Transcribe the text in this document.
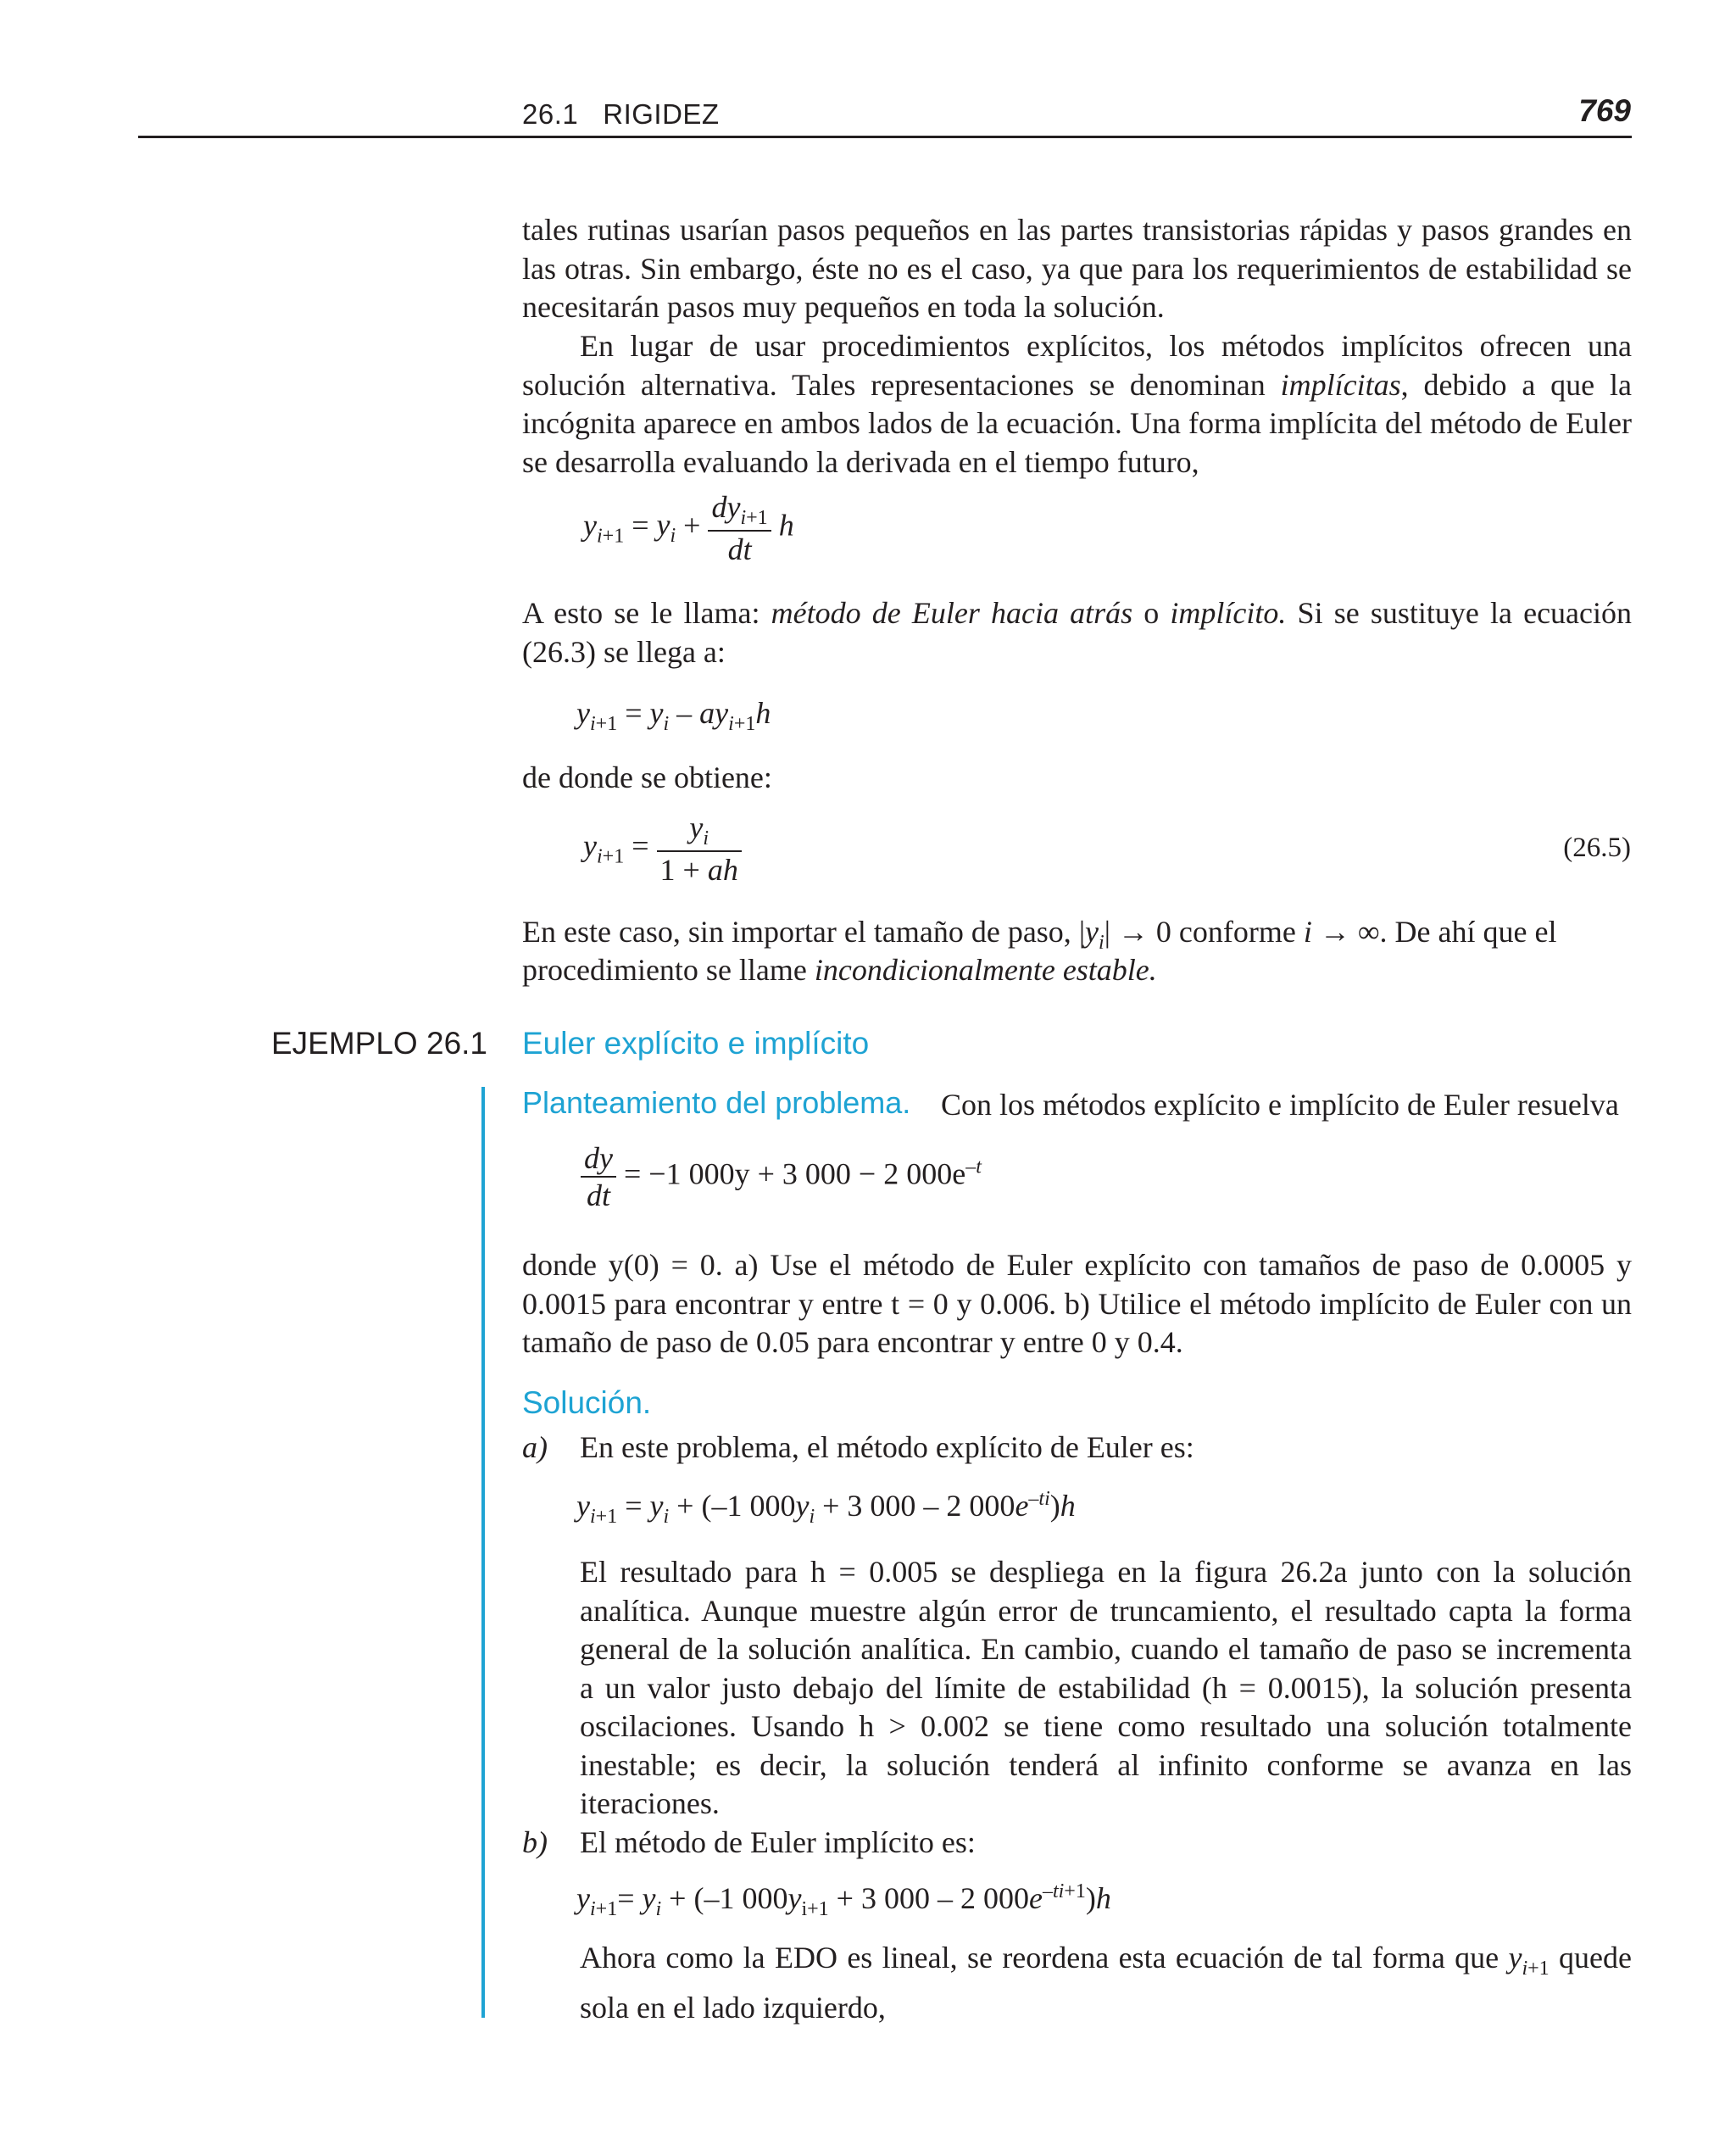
26.1   RIGIDEZ	769
tales rutinas usarían pasos pequeños en las partes transistorias rápidas y pasos grandes en las otras. Sin embargo, éste no es el caso, ya que para los requerimientos de estabilidad se necesitarán pasos muy pequeños en toda la solución.
En lugar de usar procedimientos explícitos, los métodos implícitos ofrecen una solución alternativa. Tales representaciones se denominan implícitas, debido a que la incógnita aparece en ambos lados de la ecuación. Una forma implícita del método de Euler se desarrolla evaluando la derivada en el tiempo futuro,
$y_{i+1} = y_i + \frac{dy_{i+1}}{dt}$ h
A esto se le llama: método de Euler hacia atrás o implícito. Si se sustituye la ecuación (26.3) se llega a:
$y_{i+1} = y_i - ay_{i+1}h$
de donde se obtiene:
$y_{i+1} = \frac{y_i}{1 + ah}$	(26.5)
En este caso, sin importar el tamaño de paso, $|y_i| \to 0$ conforme i → ∞. De ahí que el
procedimiento se llame incondicionalmente estable.
EJEMPLO 26.1 Euler explícito e implícito
Planteamiento del problema. Con los métodos explícito e implícito de Euler resuelva
$\frac{dy}{dt} = -1$ 000y + 3 000 − 2 $000e^{-t}$
donde y(0) = 0. a) Use el método de Euler explícito con tamaños de paso de 0.0005 y 0.0015 para encontrar y entre t = 0 y 0.006. b) Utilice el método implícito de Euler con un tamaño de paso de 0.05 para encontrar y entre 0 y 0.4.
Solución.
a) En este problema, el método explícito de Euler es:
$y_{i+1} = y_i + (-1$ $000y_i + 3$ 000 – 2 $000e^{-ti})h$
El resultado para h = 0.005 se despliega en la figura 26.2a junto con la solución analítica. Aunque muestre algún error de truncamiento, el resultado capta la forma general de la solución analítica. En cambio, cuando el tamaño de paso se incrementa a un valor justo debajo del límite de estabilidad (h = 0.0015), la solución presenta oscilaciones. Usando h > 0.002 se tiene como resultado una solución totalmente inestable; es decir, la solución tenderá al infinito conforme se avanza en las iteraciones.
b) El método de Euler implícito es:
$y_{i+1}= y_i + (-1$ $000y_{i+1} + 3$ 000 – 2 $000e^{-ti+1})h$
Ahora como la EDO es lineal, se reordena esta ecuación de tal forma que $y_{i+1}$ quede sola en el lado izquierdo,
